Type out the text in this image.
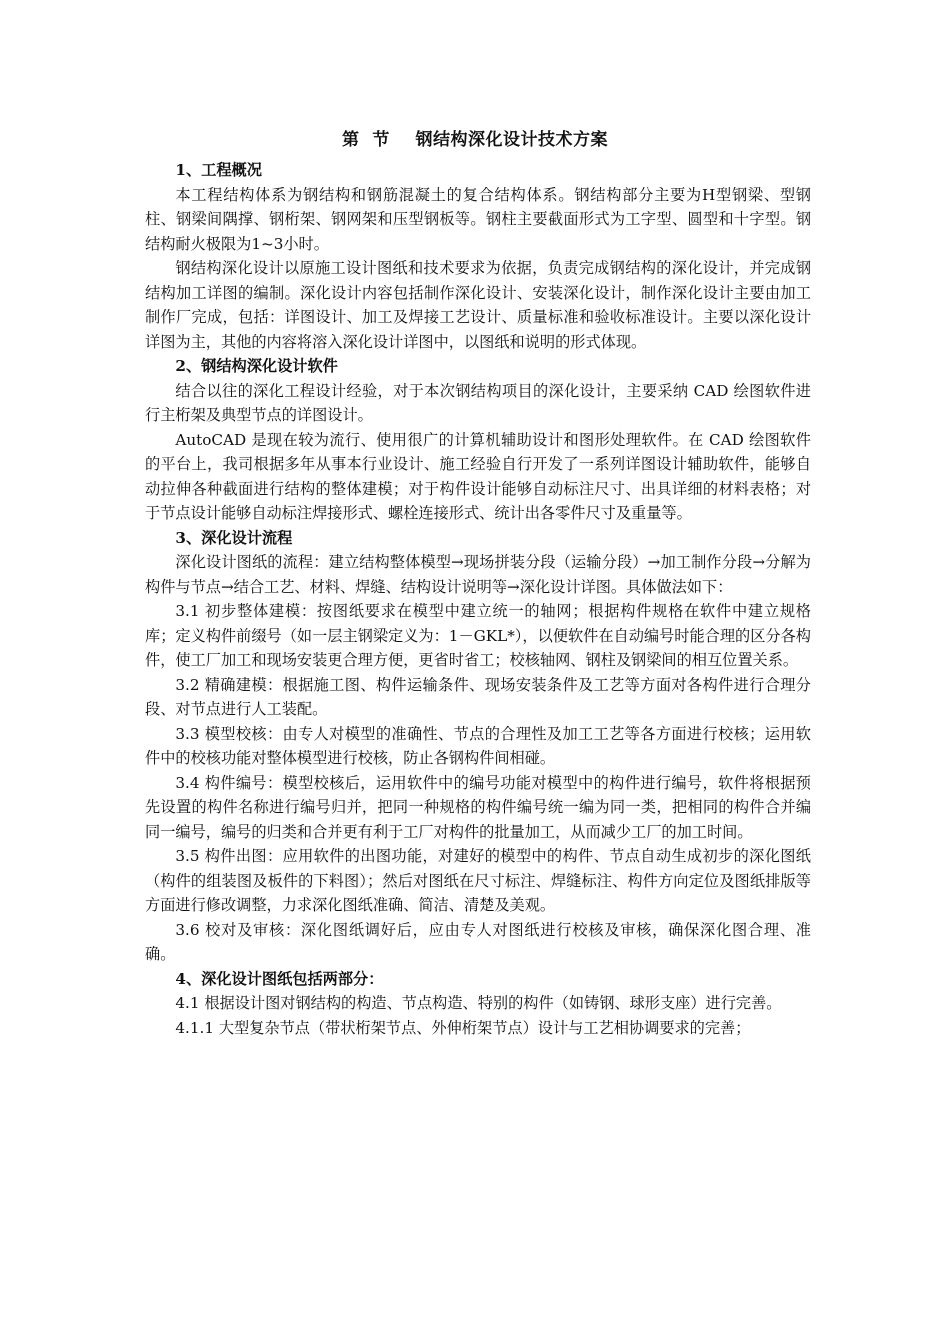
第  节    钢结构深化设计技术方案

1、工程概况

本工程结构体系为钢结构和钢筋混凝土的复合结构体系。钢结构部分主要为H型钢梁、型钢柱、钢梁间隅撑、钢桁架、钢网架和压型钢板等。钢柱主要截面形式为工字型、圆型和十字型。钢结构耐火极限为1~3小时。

钢结构深化设计以原施工设计图纸和技术要求为依据，负责完成钢结构的深化设计，并完成钢结构加工详图的编制。深化设计内容包括制作深化设计、安装深化设计，制作深化设计主要由加工制作厂完成，包括：详图设计、加工及焊接工艺设计、质量标准和验收标准设计。主要以深化设计详图为主，其他的内容将溶入深化设计详图中，以图纸和说明的形式体现。

2、钢结构深化设计软件

结合以往的深化工程设计经验，对于本次钢结构项目的深化设计，主要采纳 CAD 绘图软件进行主桁架及典型节点的详图设计。

AutoCAD 是现在较为流行、使用很广的计算机辅助设计和图形处理软件。在 CAD 绘图软件的平台上，我司根据多年从事本行业设计、施工经验自行开发了一系列详图设计辅助软件，能够自动拉伸各种截面进行结构的整体建模；对于构件设计能够自动标注尺寸、出具详细的材料表格；对于节点设计能够自动标注焊接形式、螺栓连接形式、统计出各零件尺寸及重量等。

3、深化设计流程

深化设计图纸的流程：建立结构整体模型→现场拼装分段（运输分段）→加工制作分段→分解为构件与节点→结合工艺、材料、焊缝、结构设计说明等→深化设计详图。具体做法如下：

3.1 初步整体建模：按图纸要求在模型中建立统一的轴网；根据构件规格在软件中建立规格库；定义构件前缀号（如一层主钢梁定义为：1－GKL*），以便软件在自动编号时能合理的区分各构件，使工厂加工和现场安装更合理方便，更省时省工；校核轴网、钢柱及钢梁间的相互位置关系。

3.2 精确建模：根据施工图、构件运输条件、现场安装条件及工艺等方面对各构件进行合理分段、对节点进行人工装配。

3.3 模型校核：由专人对模型的准确性、节点的合理性及加工工艺等各方面进行校核；运用软件中的校核功能对整体模型进行校核，防止各钢构件间相碰。

3.4 构件编号：模型校核后，运用软件中的编号功能对模型中的构件进行编号，软件将根据预先设置的构件名称进行编号归并，把同一种规格的构件编号统一编为同一类，把相同的构件合并编同一编号，编号的归类和合并更有利于工厂对构件的批量加工，从而减少工厂的加工时间。

3.5 构件出图：应用软件的出图功能，对建好的模型中的构件、节点自动生成初步的深化图纸（构件的组装图及板件的下料图）；然后对图纸在尺寸标注、焊缝标注、构件方向定位及图纸排版等方面进行修改调整，力求深化图纸准确、简洁、清楚及美观。

3.6 校对及审核：深化图纸调好后，应由专人对图纸进行校核及审核，确保深化图合理、准确。

4、深化设计图纸包括两部分：

4.1 根据设计图对钢结构的构造、节点构造、特别的构件（如铸钢、球形支座）进行完善。

4.1.1 大型复杂节点（带状桁架节点、外伸桁架节点）设计与工艺相协调要求的完善；
